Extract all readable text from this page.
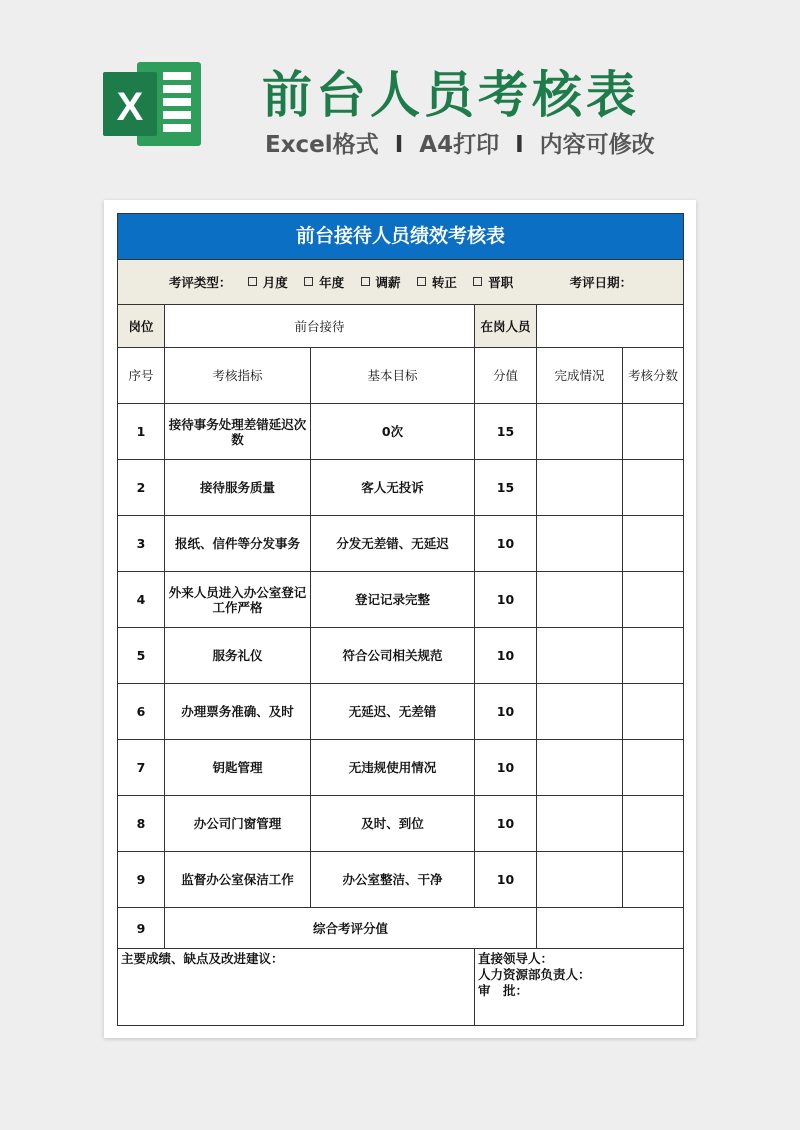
X 前台人员考核表
Excel格式 I A4打印 I 内容可修改
前台接待人员绩效考核表					
考评类型： 月度 年度 调薪 转正 晋职 考评日期：					
岗位	前台接待		在岗人员		
序号	考核指标	基本目标	分值	完成情况	考核分数
1	接待事务处理差错延迟次数	0次	15		
2	接待服务质量	客人无投诉	15		
3	报纸、信件等分发事务	分发无差错、无延迟	10		
4	外来人员进入办公室登记工作严格	登记记录完整	10		
5	服务礼仪	符合公司相关规范	10		
6	办理票务准确、及时	无延迟、无差错	10		
7	钥匙管理	无违规使用情况	10		
8	办公司门窗管理	及时、到位	10		
9	监督办公室保洁工作	办公室整洁、干净	10		
9	综合考评分值				
主要成绩、缺点及改进建议：			直接领导人：
人力资源部负责人：
审　批：		
